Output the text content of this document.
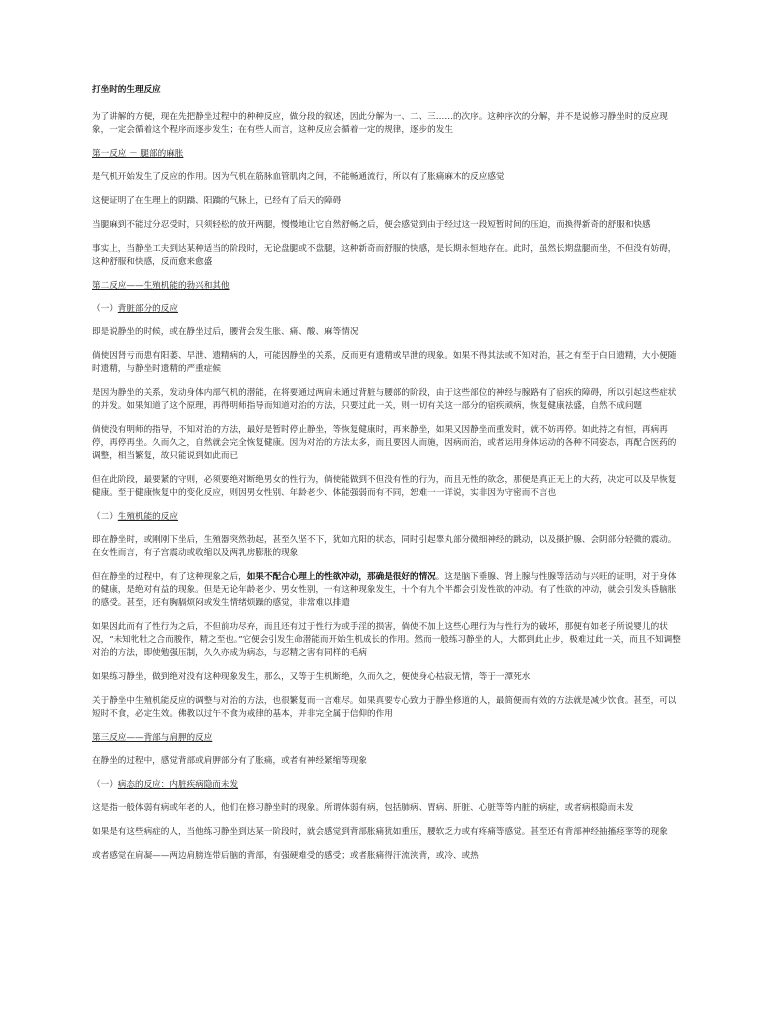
打坐时的生理反应

为了讲解的方便，现在先把静坐过程中的种种反应，做分段的叙述，因此分解为一、二、三……的次序。这种序次的分解，并不是说修习静坐时的反应现象，一定会循着这个程序而逐步发生；在有些人而言，这种反应会循着一定的规律，逐步的发生

第一反应 － 腿部的麻胀

是气机开始发生了反应的作用。因为气机在筋脉血管肌肉之间，不能畅通流行，所以有了胀痛麻木的反应感觉

这便证明了在生理上的阴蹻、阳蹻的气脉上，已经有了后天的障碍

当腿麻到不能过分忍受时，只须轻松的放开两腿，慢慢地让它自然舒畅之后，便会感觉到由于经过这一段短暂时间的压迫，而换得新奇的舒服和快感

事实上，当静坐工夫到达某种适当的阶段时，无论盘腿或不盘腿，这种新奇而舒服的快感，是长期永恒地存在。此时，虽然长期盘腿而坐，不但没有妨碍，这种舒服和快感，反而愈来愈盛

第二反应——生殖机能的勃兴和其他

（一）背脏部分的反应

即是说静坐的时候，或在静坐过后，腰背会发生胀、痛、酸、麻等情况

倘使因肾亏而患有阳萎、早泄、遗精病的人，可能因静坐的关系，反而更有遗精或早泄的现象。如果不得其法或不知对治，甚之有至于白日遗精，大小便随时遗精，与静坐时遗精的严重症候

是因为静坐的关系，发动身体内部气机的潜能，在将要通过两肩未通过背脏与腰部的阶段，由于这些部位的神经与腺路有了宿疾的障碍，所以引起这些症状的并发。如果知道了这个原理，再得明师指导而知道对治的方法，只要过此一关，则一切有关这一部分的宿疾顽病，恢复健康祛盛，自然不成问题

倘使没有明师的指导，不知对治的方法，最好是暂时停止静坐，等恢复健康时，再来静坐，如果又因静坐而重发时，就不妨再停。如此持之有恒，再病再停，再停再坐。久而久之，自然就会完全恢复健康。因为对治的方法太多，而且要因人而施，因病而治，或者运用身体运动的各种不同姿态，再配合医药的调整，相当繁复，故只能说到如此而已

但在此阶段，最要紧的守则，必须要绝对断绝男女的性行为，倘使能做到不但没有性的行为，而且无性的欲念，那便是真正无上的大药，决定可以及早恢复健康。至于健康恢复中的变化反应，则因男女性别、年龄老少、体能强弱而有不同，恕难一一详说，实非因为守密而不言也

（二）生殖机能的反应

即在静坐时，或刚刚下坐后，生殖器突然勃起，甚至久坚不下，犹如亢阳的状态，同时引起睾丸部分微细神经的跳动，以及摄护腺、会阴部分轻微的震动。在女性而言，有子宫震动或收缩以及两乳房膨胀的现象

但在静坐的过程中，有了这种现象之后，如果不配合心理上的性欲冲动，那确是很好的情况。这是脑下垂腺、肾上腺与性腺等活动与兴旺的证明，对于身体的健康，是绝对有益的现象。但是无论年龄老少、男女性别，一有这种现象发生，十个有九个半都会引发性欲的冲动。有了性欲的冲动，就会引发头昏脑胀的感受。甚至，还有胸膈烦闷或发生情绪烦躁的感觉，非常难以排遣

如果因此而有了性行为之后，不但前功尽弃，而且还有过于性行为或手淫的损害，倘使不加上这些心理行为与性行为的破坏，那便有如老子所说婴儿的状况，“未知牝牡之合而朘作，精之至也。”它便会引发生命潜能而开始生机成长的作用。然而一般练习静坐的人，大都到此止步，极难过此一关，而且不知调整对治的方法，即使勉强压制，久久亦成为病态，与忍精之害有同样的毛病

如果练习静坐，做到绝对没有这种现象发生，那么，又等于生机断绝，久而久之，便使身心枯寂无情，等于一潭死水

关于静坐中生殖机能反应的调整与对治的方法，也很繁复而一言难尽。如果真要专心致力于静坐修道的人，最简便而有效的方法就是减少饮食。甚至，可以短时不食，必定生效。佛教以过午不食为戒律的基本，并非完全属于信仰的作用

第三反应——背部与肩胛的反应

在静坐的过程中，感觉背部或肩胛部分有了胀痛，或者有神经紧缩等现象

（一）病态的反应：内脏疾病隐而未发

这是指一般体弱有病或年老的人，他们在修习静坐时的现象。所谓体弱有病，包括肺病、胃病、肝脏、心脏等等内脏的病症，或者病根隐而未发

如果是有这些病症的人，当他练习静坐到达某一阶段时，就会感觉到背部胀痛犹如重压，腰软乏力或有疼痛等感觉。甚至还有背部神经抽搐痉挛等的现象

或者感觉在肩凝——两边肩膀连带后脑的背部，有强硬难受的感受；或者胀痛得汗流浃背，或冷、或热
